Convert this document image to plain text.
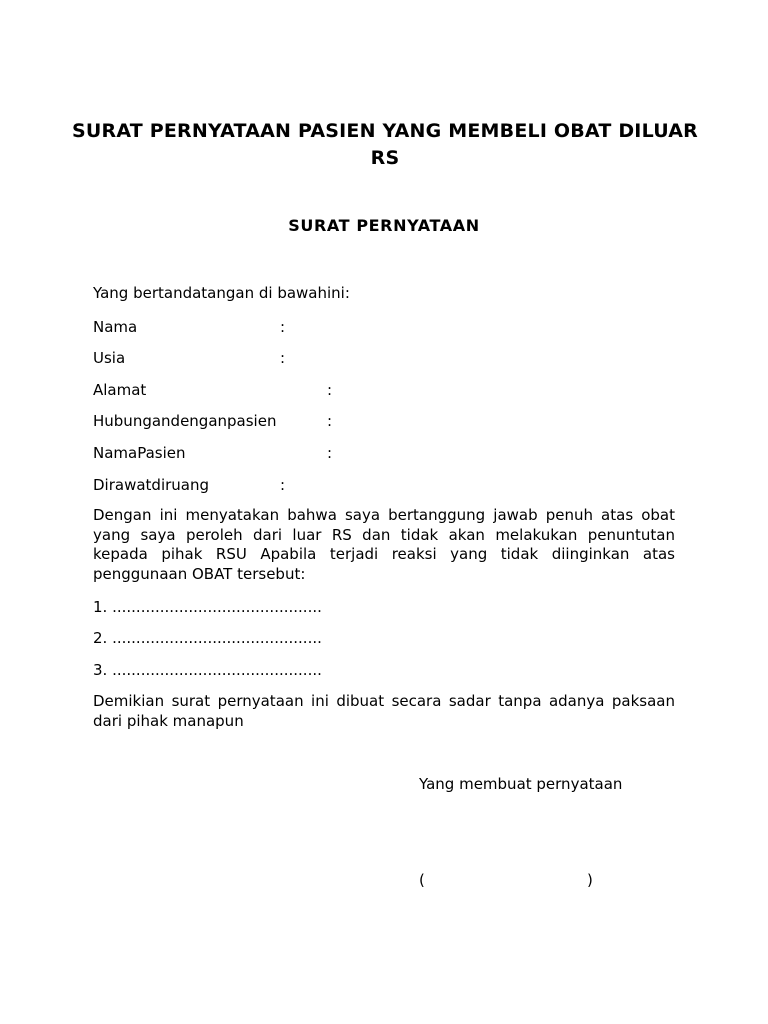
SURAT PERNYATAAN PASIEN YANG MEMBELI OBAT DILUAR RS
SURAT PERNYATAAN

Yang bertandatangan di bawahini:

Nama	:
Usia	:
Alamat	:
Hubungandenganpasien	:
NamaPasien	:
Dirawatdiruang	:

Dengan ini menyatakan bahwa saya bertanggung jawab penuh atas obat yang saya peroleh dari luar RS dan tidak akan melakukan penuntutan kepada pihak RSU Apabila terjadi reaksi yang tidak diinginkan atas penggunaan OBAT tersebut:

1. ............................................

2. ............................................

3. ............................................

Demikian surat pernyataan ini dibuat secara sadar tanpa adanya paksaan dari pihak manapun

Yang membuat pernyataan

(	)
